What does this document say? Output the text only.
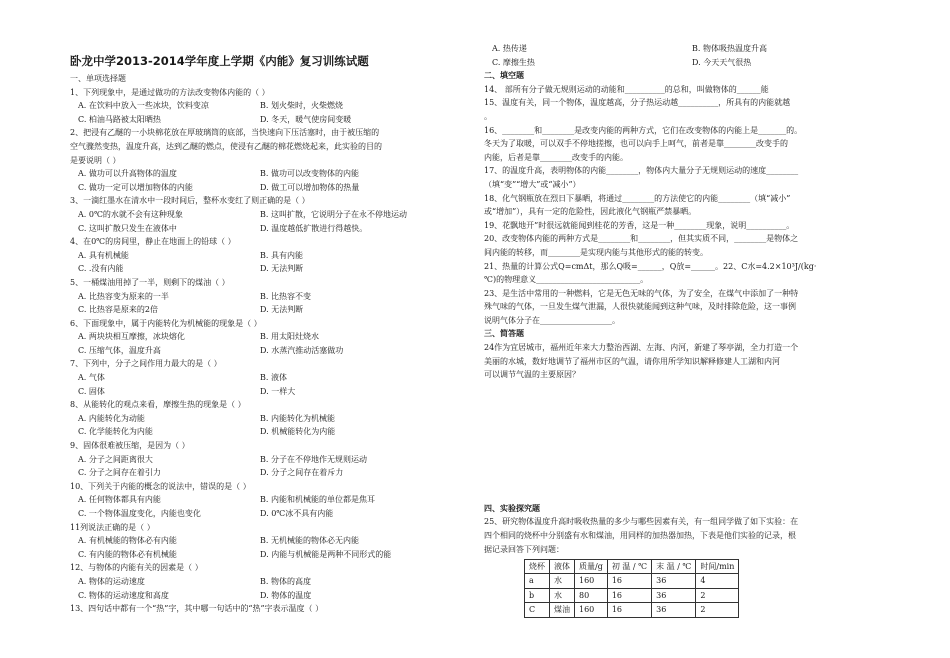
卧龙中学2013-2014学年度上学期《内能》复习训练试题
一、单项选择题
1、下列现象中，是通过做功的方法改变物体内能的（ ）
A. 在饮料中放入一些冰块，饮料变凉	B. 划火柴时，火柴燃烧
C. 柏油马路被太阳晒热	D. 冬天，暖气使房间变暖
2、把浸有乙醚的一小块棉花放在厚玻璃筒的底部，当快速向下压活塞时，由于被压缩的
空气骤然变热，温度升高，达到乙醚的燃点，使浸有乙醚的棉花燃烧起来，此实验的目的
是要说明（ ）
A. 做功可以升高物体的温度	B. 做功可以改变物体的内能
C. 做功一定可以增加物体的内能	D. 做工可以增加物体的热量
3、一滴红墨水在清水中一段时间后，整杯水变红了则正确的是（ ）
A. 0℃的水就不会有这种现象	B. 这叫扩散，它说明分子在永不停地运动
C. 这叫扩散只发生在液体中	D. 温度越低扩散进行得越快。
4、在0℃的房间里，静止在地面上的铅球（ ）
A. 具有机械能	B. 具有内能
C. .没有内能	D. 无法判断
5、一桶煤油用掉了一半，则剩下的煤油（ ）
A. 比热容变为原来的一半	B. 比热容不变
C. 比热容是原来的2倍	D. 无法判断
6、下面现象中，属于内能转化为机械能的现象是（ ）
A. 两块块相互摩擦，冰块熔化	B. 用太阳灶烧水
C. 压缩气体，温度升高	D. 水蒸汽推动活塞做功
7、下列中，分子之间作用力最大的是（ ）
A. 气体	B. 液体
C. 固体	D. 一样大
8、从能转化的观点来看，摩擦生热的现象是（ ）
A. 内能转化为动能	B. 内能转化为机械能
C. 化学能转化为内能	D. 机械能转化为内能
9、固体很难被压缩，是因为（ ）
A. 分子之间距离很大	B. 分子在不停地作无规则运动
C. 分子之间存在着引力	D. 分子之间存在着斥力
10、下列关于内能的概念的说法中，错误的是（ ）
A. 任何物体都具有内能	B. 内能和机械能的单位都是焦耳
C. 一个物体温度变化，内能也变化	D. 0℃冰不具有内能
11列说法正确的是（ ）
A. 有机械能的物体必有内能	B. 无机械能的物体必无内能
C. 有内能的物体必有机械能	D. 内能与机械能是两种不同形式的能
12、与物体的内能有关的因素是（ ）
A. 物体的运动速度	B. 物体的高度
C. 物体的运动速度和高度	D. 物体的温度
13、四句话中都有一个“热”字，其中哪一句话中的“热”字表示温度（ ）
A. 热传递	B. 物体吸热温度升高
C. 摩擦生热	D. 今天天气很热
二、填空题
14、 部所有分子做无规则运动的动能和__________的总和，叫做物体的______能
15、温度有关，同一个物体，温度越高，分子热运动越__________，所具有的内能就越
。
16、________和________是改变内能的两种方式，它们在改变物体的内能上是_______的。
冬天为了取暖，可以双手不停地搓擦，也可以向手上呵气，前者是靠________改变手的
内能，后者是靠________改变手的内能。
17、的温度升高，表明物体的内能________，物体内大量分子无规则运动的速度________
（填“变”“增大”或“减小”）
18、化气钢瓶放在烈日下暴晒，将通过________的方法使它的内能________（填“减小”
或“增加”），具有一定的危险性，因此液化气钢瓶严禁暴晒。
19、花飘地开”时很远就能闻到桂花的芳香，这是一种________现象，说明__________。
20、改变物体内能的两种方式是________和________，但其实质不同，________是物体之
间内能的转移，而________是实现内能与其他形式的能的转变。
21、热量的计算公式Q=cmΔt，那么Q吸=______，Q放=______。22、C水=4.2×10³J/(kg·
℃)的物理意义__________________________。
23、是生活中常用的一种燃料，它是无色无味的气体，为了安全，在煤气中添加了一种特
殊气味的气体，一旦发生煤气泄漏，人很快就能闻到这种气味，及时排除危险，这一事例
说明气体分子在__________________。
三、简答题
24作为宜居城市，福州近年来大力整治西湖、左海、内河，新建了琴亭湖，全力打造一个
美丽的水城，数好地调节了福州市区的气温，请你用所学知识解释修建人工湖和内河
可以调节气温的主要原因？
四、实验探究题
25、研究物体温度升高时吸收热量的多少与哪些因素有关，有一组同学做了如下实验：在
四个相同的烧杯中分别盛有水和煤油，用同样的加热器加热，下表是他们实验的记录，根
据记录回答下列问题：
烧杯	液体	质量/g	初 温 / ℃	末 温 / ℃	时间/min
a	水	160	16	36	4
b	水	80	16	36	2
C	煤油	160	16	36	2
